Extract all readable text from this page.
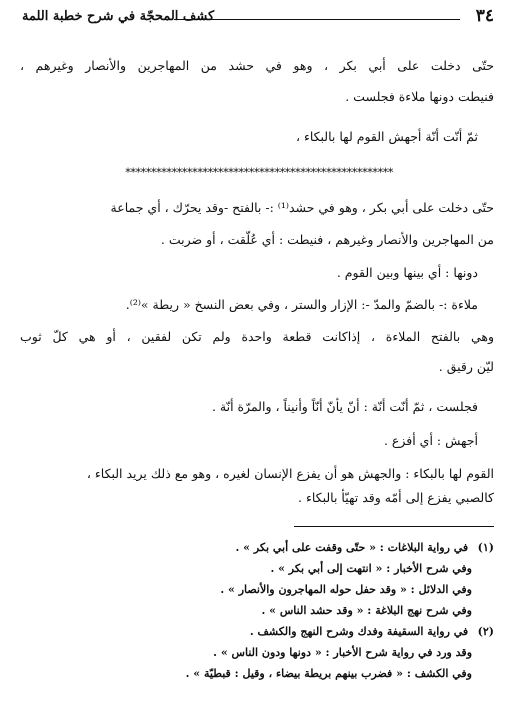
٣٤
كشف المحجّة في شرح خطبة اللمة
حتّى دخلت على أبي بكر ، وهو في حشد من المهاجرين والأنصار وغيرهم ،
فنيطت دونها ملاءة فجلست .
ثمّ أنّت أنّة أجهش القوم لها بالبكاء ،
****************************************************
حتّى دخلت على أبي بكر ، وهو في حشد⁽¹⁾ :- بالفتح -وقد يحرّك ، أي جماعة
من المهاجرين والأنصار وغيرهم ، فنيطت : أي عُلّقت ، أو ضربت .
دونها : أي بينها وبين القوم .
ملاءة :- بالضمّ والمدّ -: الإزار والستر ، وفي بعض النسخ « ريطة »⁽²⁾.
وهي بالفتح الملاءة ، إذاكانت قطعة واحدة ولم تكن لفقين ، أو هي كلّ ثوب
ليّن رقيق .
فجلست ، ثمّ أنّت أنّة : أنّ يأنّ أنّاً وأنيناً ، والمرّة أنّة .
أجهش : أي أفزع .
القوم لها بالبكاء : والجهش هو أن يفزع الإنسان لغيره ، وهو مع ذلك يريد البكاء ،
كالصبي يفزع إلى أمّه وقد تهيّأ بالبكاء .
(١) في رواية البلاغات : « حتّى وقفت على أبي بكر » .
وفي شرح الأخبار : « انتهت إلى أبي بكر » .
وفي الدلائل : « وقد حفل حوله المهاجرون والأنصار » .
وفي شرح نهج البلاغة : « وقد حشد الناس » .
(٢) في رواية السقيفة وفدك وشرح النهج والكشف .
وقد ورد في رواية شرح الأخبار : « دونها ودون الناس » .
وفي الكشف : « فضرب بينهم بريطة بيضاء ، وقيل : قبطيّة » .
